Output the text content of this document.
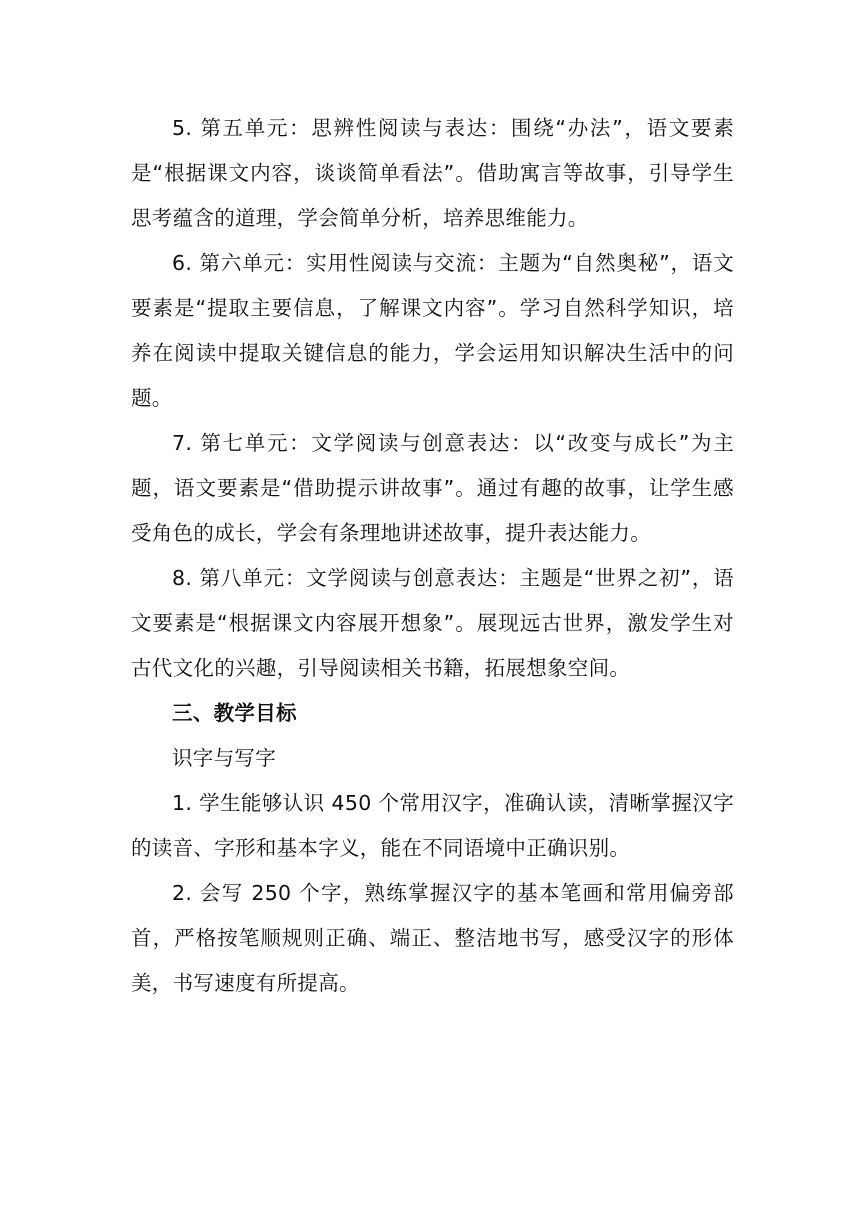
5. 第五单元：思辨性阅读与表达：围绕“办法”，语文要素是“根据课文内容，谈谈简单看法”。借助寓言等故事，引导学生思考蕴含的道理，学会简单分析，培养思维能力。

6. 第六单元：实用性阅读与交流：主题为“自然奥秘”，语文要素是“提取主要信息，了解课文内容”。学习自然科学知识，培养在阅读中提取关键信息的能力，学会运用知识解决生活中的问题。

7. 第七单元：文学阅读与创意表达：以“改变与成长”为主题，语文要素是“借助提示讲故事”。通过有趣的故事，让学生感受角色的成长，学会有条理地讲述故事，提升表达能力。

8. 第八单元：文学阅读与创意表达：主题是“世界之初”，语文要素是“根据课文内容展开想象”。展现远古世界，激发学生对古代文化的兴趣，引导阅读相关书籍，拓展想象空间。

三、教学目标

识字与写字

1. 学生能够认识 450 个常用汉字，准确认读，清晰掌握汉字的读音、字形和基本字义，能在不同语境中正确识别。

2. 会写 250 个字，熟练掌握汉字的基本笔画和常用偏旁部首，严格按笔顺规则正确、端正、整洁地书写，感受汉字的形体美，书写速度有所提高。
